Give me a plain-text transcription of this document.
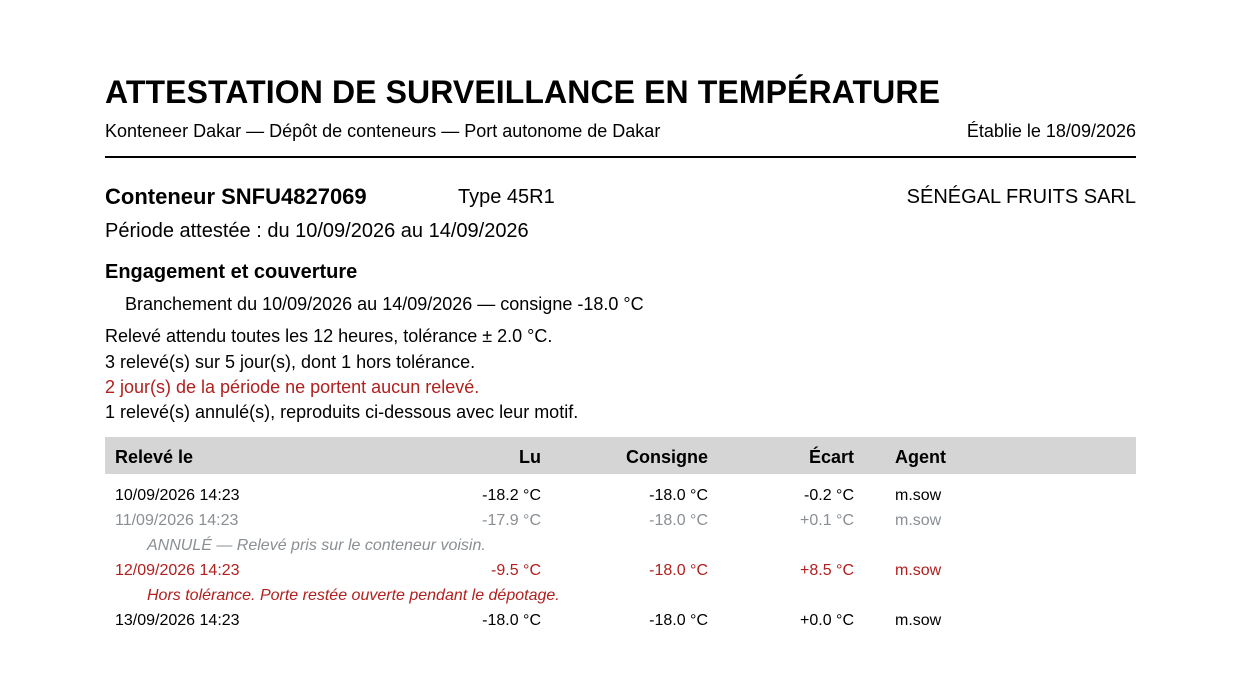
ATTESTATION DE SURVEILLANCE EN TEMPÉRATURE
Konteneer Dakar — Dépôt de conteneurs — Port autonome de Dakar	Établie le 18/09/2026
Conteneur SNFU4827069	Type 45R1	SÉNÉGAL FRUITS SARL
Période attestée : du 10/09/2026 au 14/09/2026
Engagement et couverture
Branchement du 10/09/2026 au 14/09/2026 — consigne -18.0 °C
Relevé attendu toutes les 12 heures, tolérance ± 2.0 °C.
3 relevé(s) sur 5 jour(s), dont 1 hors tolérance.
2 jour(s) de la période ne portent aucun relevé.
1 relevé(s) annulé(s), reproduits ci-dessous avec leur motif.
Relevé le	Lu	Consigne	Écart Agent
10/09/2026 14:23	-18.2 °C	-18.0 °C	-0.2 °C	m.sow
11/09/2026 14:23	-17.9 °C	-18.0 °C	+0.1 °C	m.sow
ANNULÉ — Relevé pris sur le conteneur voisin.
12/09/2026 14:23	-9.5 °C	-18.0 °C	+8.5 °C	m.sow
Hors tolérance. Porte restée ouverte pendant le dépotage.
13/09/2026 14:23	-18.0 °C	-18.0 °C	+0.0 °C	m.sow
